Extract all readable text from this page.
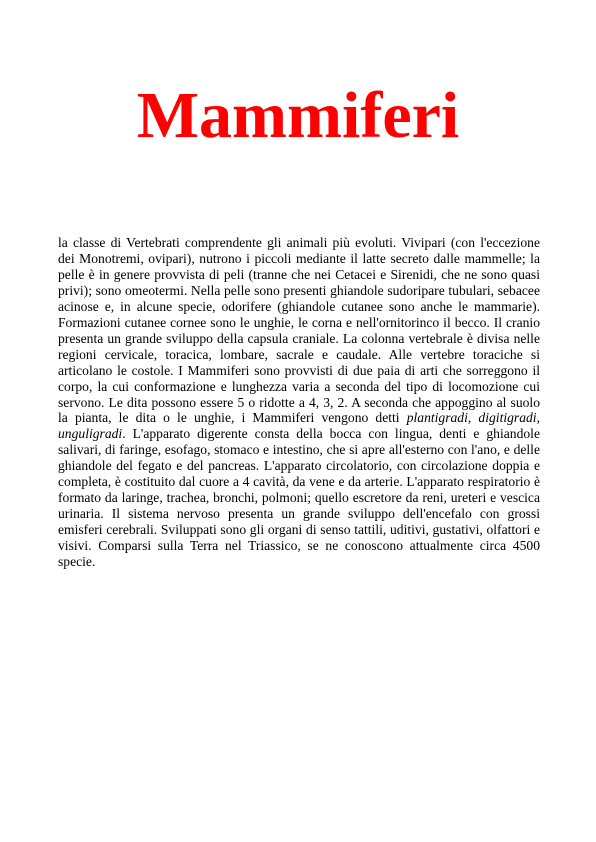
Mammiferi

la classe di Vertebrati comprendente gli animali più evoluti. Vivipari (con l'eccezione dei Monotremi, ovipari), nutrono i piccoli mediante il latte secreto dalle mammelle; la pelle è in genere provvista di peli (tranne che nei Cetacei e Sirenidi, che ne sono quasi privi); sono omeotermi. Nella pelle sono presenti ghiandole sudoripare tubulari, sebacee acinose e, in alcune specie, odorifere (ghiandole cutanee sono anche le mammarie). Formazioni cutanee cornee sono le unghie, le corna e nell'ornitorinco il becco. Il cranio presenta un grande sviluppo della capsula craniale. La colonna vertebrale è divisa nelle regioni cervicale, toracica, lombare, sacrale e caudale. Alle vertebre toraciche si articolano le costole. I Mammiferi sono provvisti di due paia di arti che sorreggono il corpo, la cui conformazione e lunghezza varia a seconda del tipo di locomozione cui servono. Le dita possono essere 5 o ridotte a 4, 3, 2. A seconda che appoggino al suolo la pianta, le dita o le unghie, i Mammiferi vengono detti plantigradi, digitigradi, unguligradi. L'apparato digerente consta della bocca con lingua, denti e ghiandole salivari, di faringe, esofago, stomaco e intestino, che si apre all'esterno con l'ano, e delle ghiandole del fegato e del pancreas. L'apparato circolatorio, con circolazione doppia e completa, è costituito dal cuore a 4 cavità, da vene e da arterie. L'apparato respiratorio è formato da laringe, trachea, bronchi, polmoni; quello escretore da reni, ureteri e vescica urinaria. Il sistema nervoso presenta un grande sviluppo dell'encefalo con grossi emisferi cerebrali. Sviluppati sono gli organi di senso tattili, uditivi, gustativi, olfattori e visivi. Comparsi sulla Terra nel Triassico, se ne conoscono attualmente circa 4500 specie.
